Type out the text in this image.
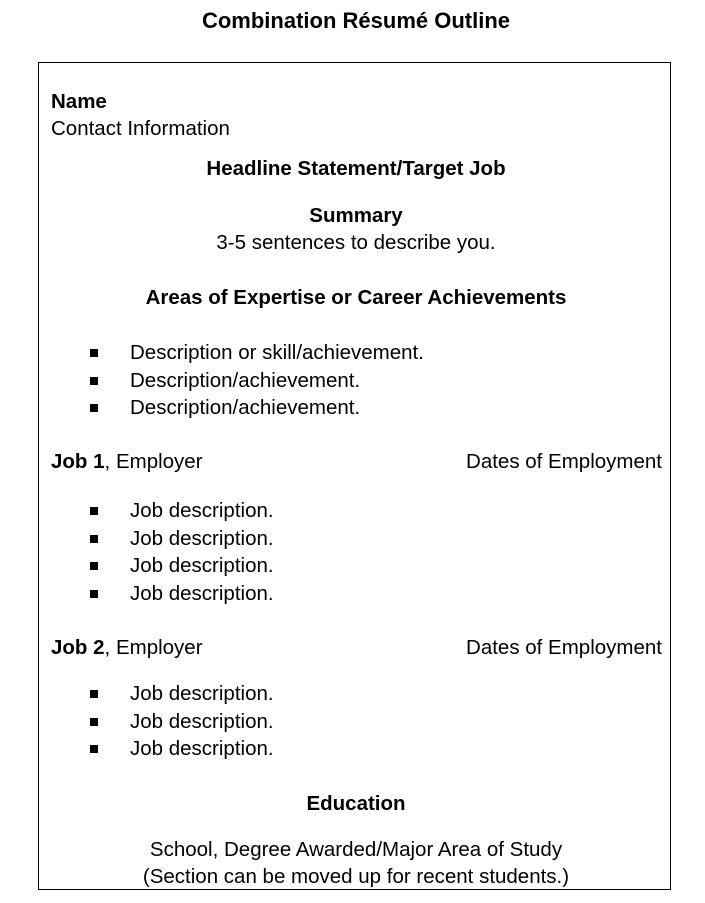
Combination Résumé Outline
Name
Contact Information
Headline Statement/Target Job
Summary
3-5 sentences to describe you.
Areas of Expertise or Career Achievements
Description or skill/achievement.
Description/achievement.
Description/achievement.
Job 1, Employer	Dates of Employment
Job description.
Job description.
Job description.
Job description.
Job 2, Employer	Dates of Employment
Job description.
Job description.
Job description.
Education
School, Degree Awarded/Major Area of Study
(Section can be moved up for recent students.)
